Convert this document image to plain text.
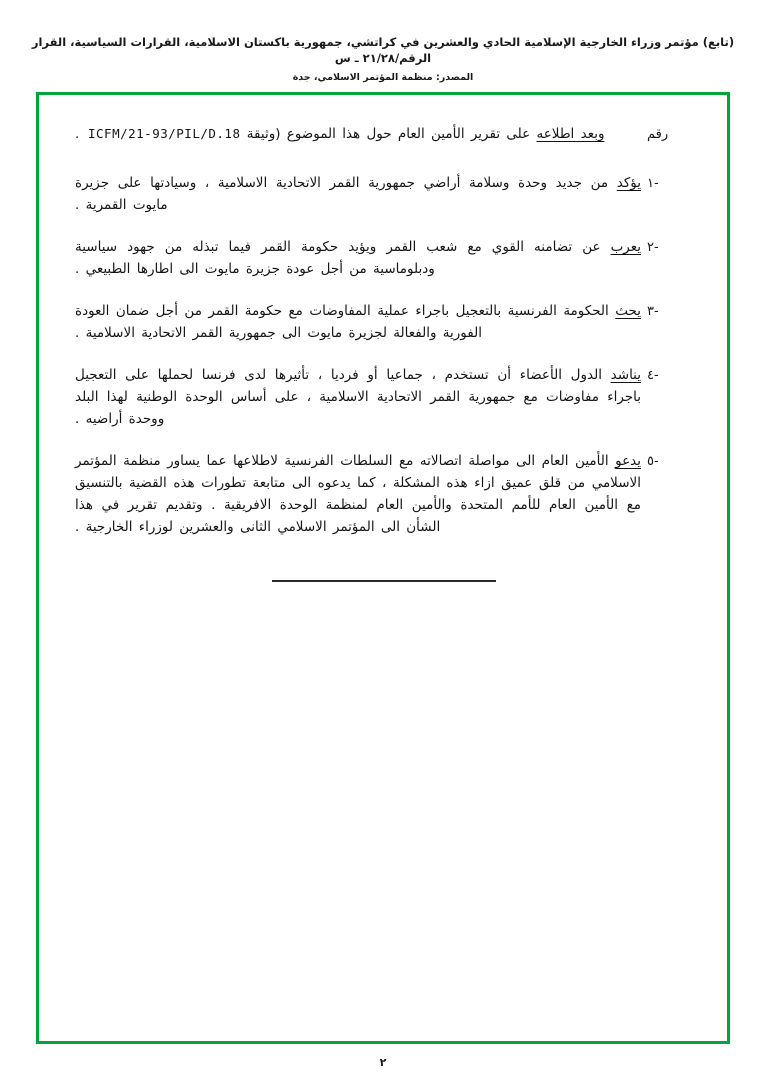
(تابع) مؤتمر وزراء الخارجية الإسلامية الحادي والعشرين في كراتشي، جمهورية باكستان الاسلامية، القرارات السياسية، القرار الرقم/٢١/٢٨ ـ س
المصدر: منظمة المؤتمر الاسلامي، جدة
رقم
وبعد اطلاعه على تقرير الأمين العام حول هذا الموضوع (وثيقة ICFM/21-93/PIL/D.18 .
-١
يؤكد من جديد وحدة وسلامة أراضي جمهورية القمر الاتحادية الاسلامية ، وسيادتها على جزيرة مايوت القمرية .
-٢
يعرب عن تضامنه القوي مع شعب القمر ويؤيد حكومة القمر فيما تبذله من جهود سياسية ودبلوماسية من أجل عودة جزيرة مايوت الى اطارها الطبيعي .
-٣
يحث الحكومة الفرنسية بالتعجيل باجراء عملية المفاوضات مع حكومة القمر من أجل ضمان العودة الفورية والفعالة لجزيرة مايوت الى جمهورية القمر الاتحادية الاسلامية .
-٤
يناشد الدول الأعضاء أن تستخدم ، جماعيا أو فرديا ، تأثيرها لدى فرنسا لحملها على التعجيل باجراء مفاوضات مع جمهورية القمر الاتحادية الاسلامية ، على أساس الوحدة الوطنية لهذا البلد ووحدة أراضيه .
-٥
يدعو الأمين العام الى مواصلة اتصالاته مع السلطات الفرنسية لاطلاعها عما يساور منظمة المؤتمر الاسلامي من قلق عميق ازاء هذه المشكلة ، كما يدعوه الى متابعة تطورات هذه القضية بالتنسيق مع الأمين العام للأمم المتحدة والأمين العام لمنظمة الوحدة الافريقية . وتقديم تقرير في هذا الشأن الى المؤتمر الاسلامي الثانى والعشرين لوزراء الخارجية .
٢
